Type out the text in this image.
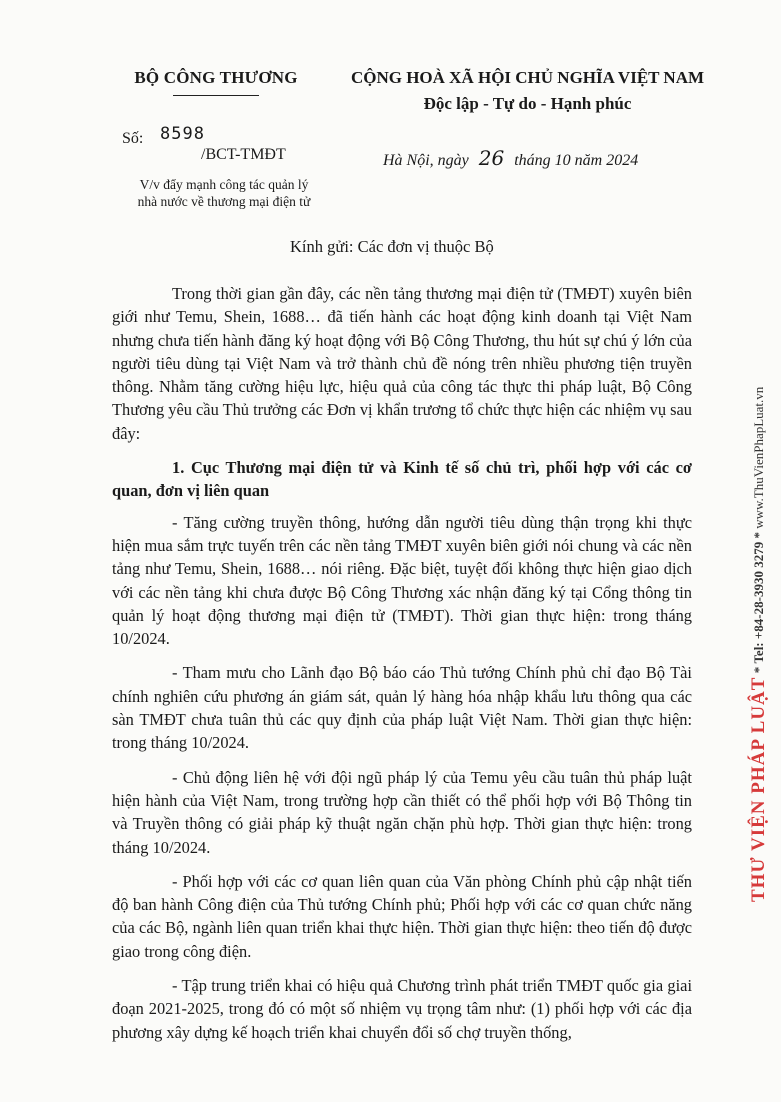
BỘ CÔNG THƯƠNG	CỘNG HOÀ XÃ HỘI CHỦ NGHĨA VIỆT NAM
Độc lập - Tự do - Hạnh phúc
Số: 8598
/BCT-TMĐT	Hà Nội, ngày 26 tháng 10 năm 2024
V/v đẩy mạnh công tác quản lý
nhà nước về thương mại điện tử
Kính gửi: Các đơn vị thuộc Bộ

Trong thời gian gần đây, các nền tảng thương mại điện tử (TMĐT) xuyên biên giới như Temu, Shein, 1688… đã tiến hành các hoạt động kinh doanh tại Việt Nam nhưng chưa tiến hành đăng ký hoạt động với Bộ Công Thương, thu hút sự chú ý lớn của người tiêu dùng tại Việt Nam và trở thành chủ đề nóng trên nhiều phương tiện truyền thông. Nhằm tăng cường hiệu lực, hiệu quả của công tác thực thi pháp luật, Bộ Công Thương yêu cầu Thủ trưởng các Đơn vị khẩn trương tổ chức thực hiện các nhiệm vụ sau đây:

1. Cục Thương mại điện tử và Kinh tế số chủ trì, phối hợp với các cơ quan, đơn vị liên quan

- Tăng cường truyền thông, hướng dẫn người tiêu dùng thận trọng khi thực hiện mua sắm trực tuyến trên các nền tảng TMĐT xuyên biên giới nói chung và các nền tảng như Temu, Shein, 1688… nói riêng. Đặc biệt, tuyệt đối không thực hiện giao dịch với các nền tảng khi chưa được Bộ Công Thương xác nhận đăng ký tại Cổng thông tin quản lý hoạt động thương mại điện tử (TMĐT). Thời gian thực hiện: trong tháng 10/2024.

- Tham mưu cho Lãnh đạo Bộ báo cáo Thủ tướng Chính phủ chỉ đạo Bộ Tài chính nghiên cứu phương án giám sát, quản lý hàng hóa nhập khẩu lưu thông qua các sàn TMĐT chưa tuân thủ các quy định của pháp luật Việt Nam. Thời gian thực hiện: trong tháng 10/2024.

- Chủ động liên hệ với đội ngũ pháp lý của Temu yêu cầu tuân thủ pháp luật hiện hành của Việt Nam, trong trường hợp cần thiết có thể phối hợp với Bộ Thông tin và Truyền thông có giải pháp kỹ thuật ngăn chặn phù hợp. Thời gian thực hiện: trong tháng 10/2024.

- Phối hợp với các cơ quan liên quan của Văn phòng Chính phủ cập nhật tiến độ ban hành Công điện của Thủ tướng Chính phủ; Phối hợp với các cơ quan chức năng của các Bộ, ngành liên quan triển khai thực hiện. Thời gian thực hiện: theo tiến độ được giao trong công điện.

- Tập trung triển khai có hiệu quả Chương trình phát triển TMĐT quốc gia giai đoạn 2021-2025, trong đó có một số nhiệm vụ trọng tâm như: (1) phối hợp với các địa phương xây dựng kế hoạch triển khai chuyển đổi số chợ truyền thống,

THƯ VIỆN PHÁP LUẬT * Tel: +84-28-3930 3279 * www.ThuVienPhapLuat.vn
